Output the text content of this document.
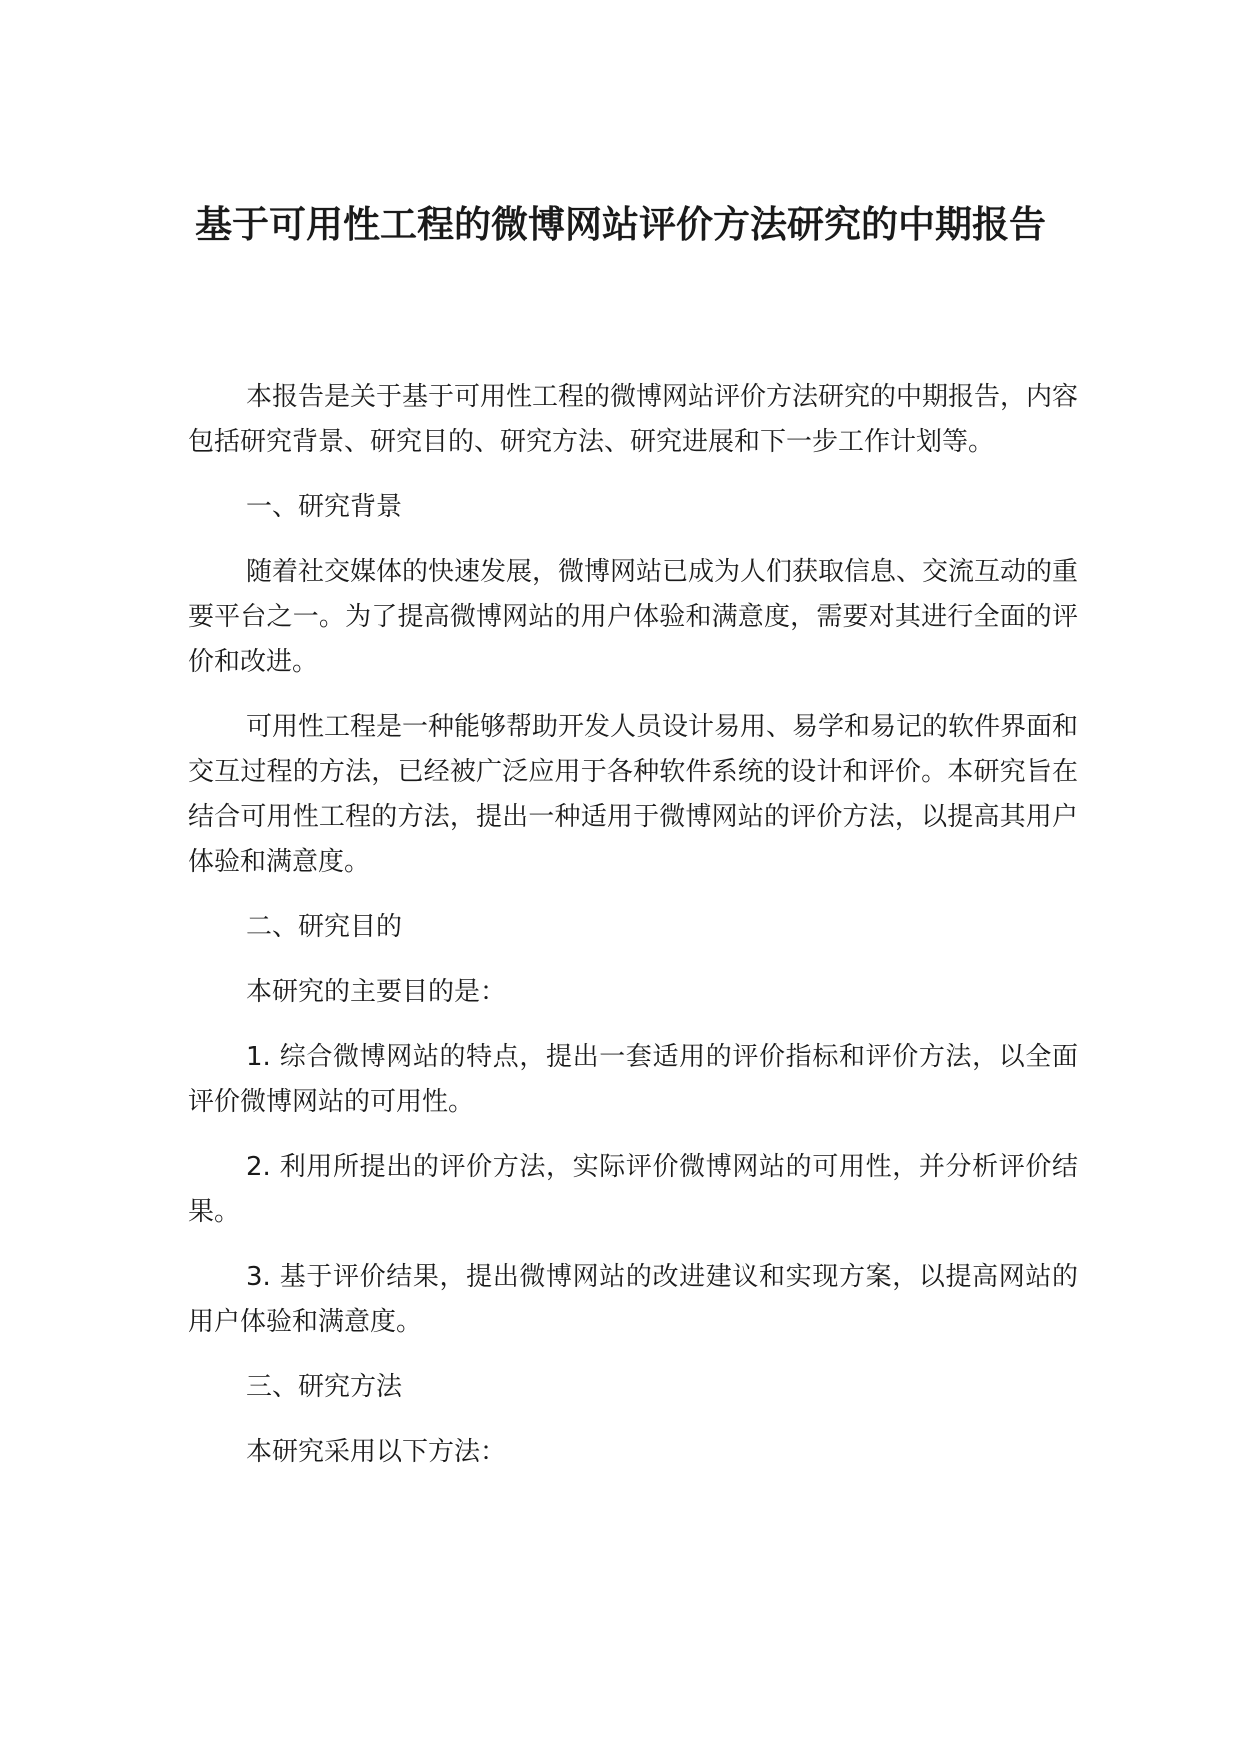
基于可用性工程的微博网站评价方法研究的中期报告

本报告是关于基于可用性工程的微博网站评价方法研究的中期报告，内容包括研究背景、研究目的、研究方法、研究进展和下一步工作计划等。

一、研究背景

随着社交媒体的快速发展，微博网站已成为人们获取信息、交流互动的重要平台之一。为了提高微博网站的用户体验和满意度，需要对其进行全面的评价和改进。

可用性工程是一种能够帮助开发人员设计易用、易学和易记的软件界面和交互过程的方法，已经被广泛应用于各种软件系统的设计和评价。本研究旨在结合可用性工程的方法，提出一种适用于微博网站的评价方法，以提高其用户体验和满意度。

二、研究目的

本研究的主要目的是：

1. 综合微博网站的特点，提出一套适用的评价指标和评价方法，以全面评价微博网站的可用性。

2. 利用所提出的评价方法，实际评价微博网站的可用性，并分析评价结果。

3. 基于评价结果，提出微博网站的改进建议和实现方案，以提高网站的用户体验和满意度。

三、研究方法

本研究采用以下方法：
